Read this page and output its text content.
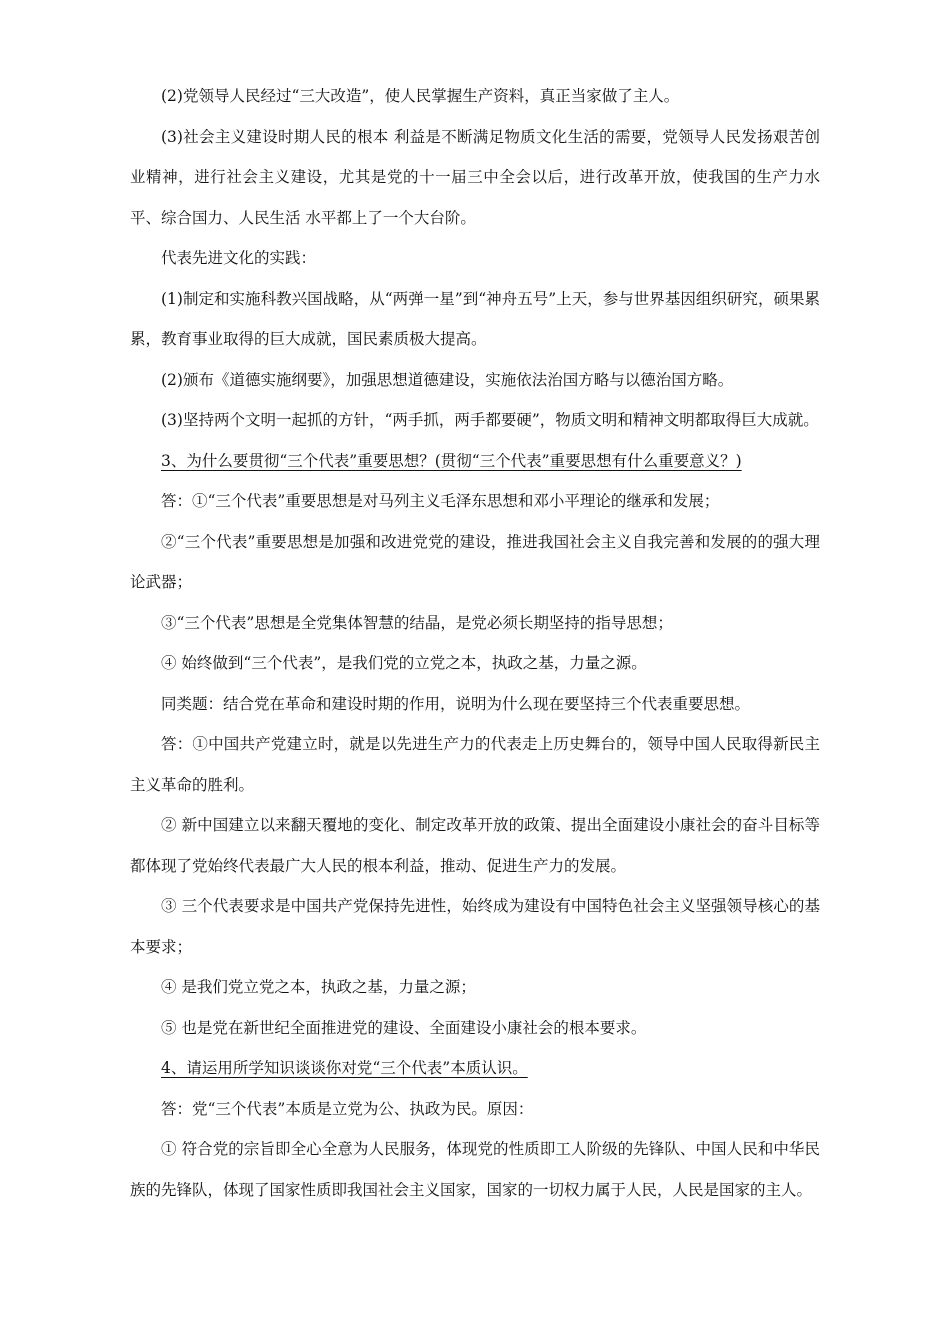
(2)党领导人民经过“三大改造”，使人民掌握生产资料，真正当家做了主人。

(3)社会主义建设时期人民的根本 利益是不断满足物质文化生活的需要，党领导人民发扬艰苦创业精神，进行社会主义建设，尤其是党的十一届三中全会以后，进行改革开放，使我国的生产力水平、综合国力、人民生活 水平都上了一个大台阶。

代表先进文化的实践：

(1)制定和实施科教兴国战略，从“两弹一星”到“神舟五号”上天，参与世界基因组织研究，硕果累累，教育事业取得的巨大成就，国民素质极大提高。

(2)颁布《道德实施纲要》，加强思想道德建设，实施依法治国方略与以德治国方略。

(3)坚持两个文明一起抓的方针，“两手抓，两手都要硬”，物质文明和精神文明都取得巨大成就。

3、为什么要贯彻“三个代表”重要思想？(贯彻“三个代表”重要思想有什么重要意义？)

答：①“三个代表”重要思想是对马列主义毛泽东思想和邓小平理论的继承和发展；

②“三个代表”重要思想是加强和改进党党的建设，推进我国社会主义自我完善和发展的的强大理论武器；

③“三个代表”思想是全党集体智慧的结晶，是党必须长期坚持的指导思想；

④ 始终做到“三个代表”，是我们党的立党之本，执政之基，力量之源。

同类题：结合党在革命和建设时期的作用，说明为什么现在要坚持三个代表重要思想。

答：①中国共产党建立时，就是以先进生产力的代表走上历史舞台的，领导中国人民取得新民主主义革命的胜利。

② 新中国建立以来翻天覆地的变化、制定改革开放的政策、提出全面建设小康社会的奋斗目标等都体现了党始终代表最广大人民的根本利益，推动、促进生产力的发展。

③ 三个代表要求是中国共产党保持先进性，始终成为建设有中国特色社会主义坚强领导核心的基本要求；

④ 是我们党立党之本，执政之基，力量之源；

⑤ 也是党在新世纪全面推进党的建设、全面建设小康社会的根本要求。

4、请运用所学知识谈谈你对党“三个代表”本质认识。

答：党“三个代表”本质是立党为公、执政为民。原因：

① 符合党的宗旨即全心全意为人民服务，体现党的性质即工人阶级的先锋队、中国人民和中华民族的先锋队，体现了国家性质即我国社会主义国家，国家的一切权力属于人民，人民是国家的主人。
